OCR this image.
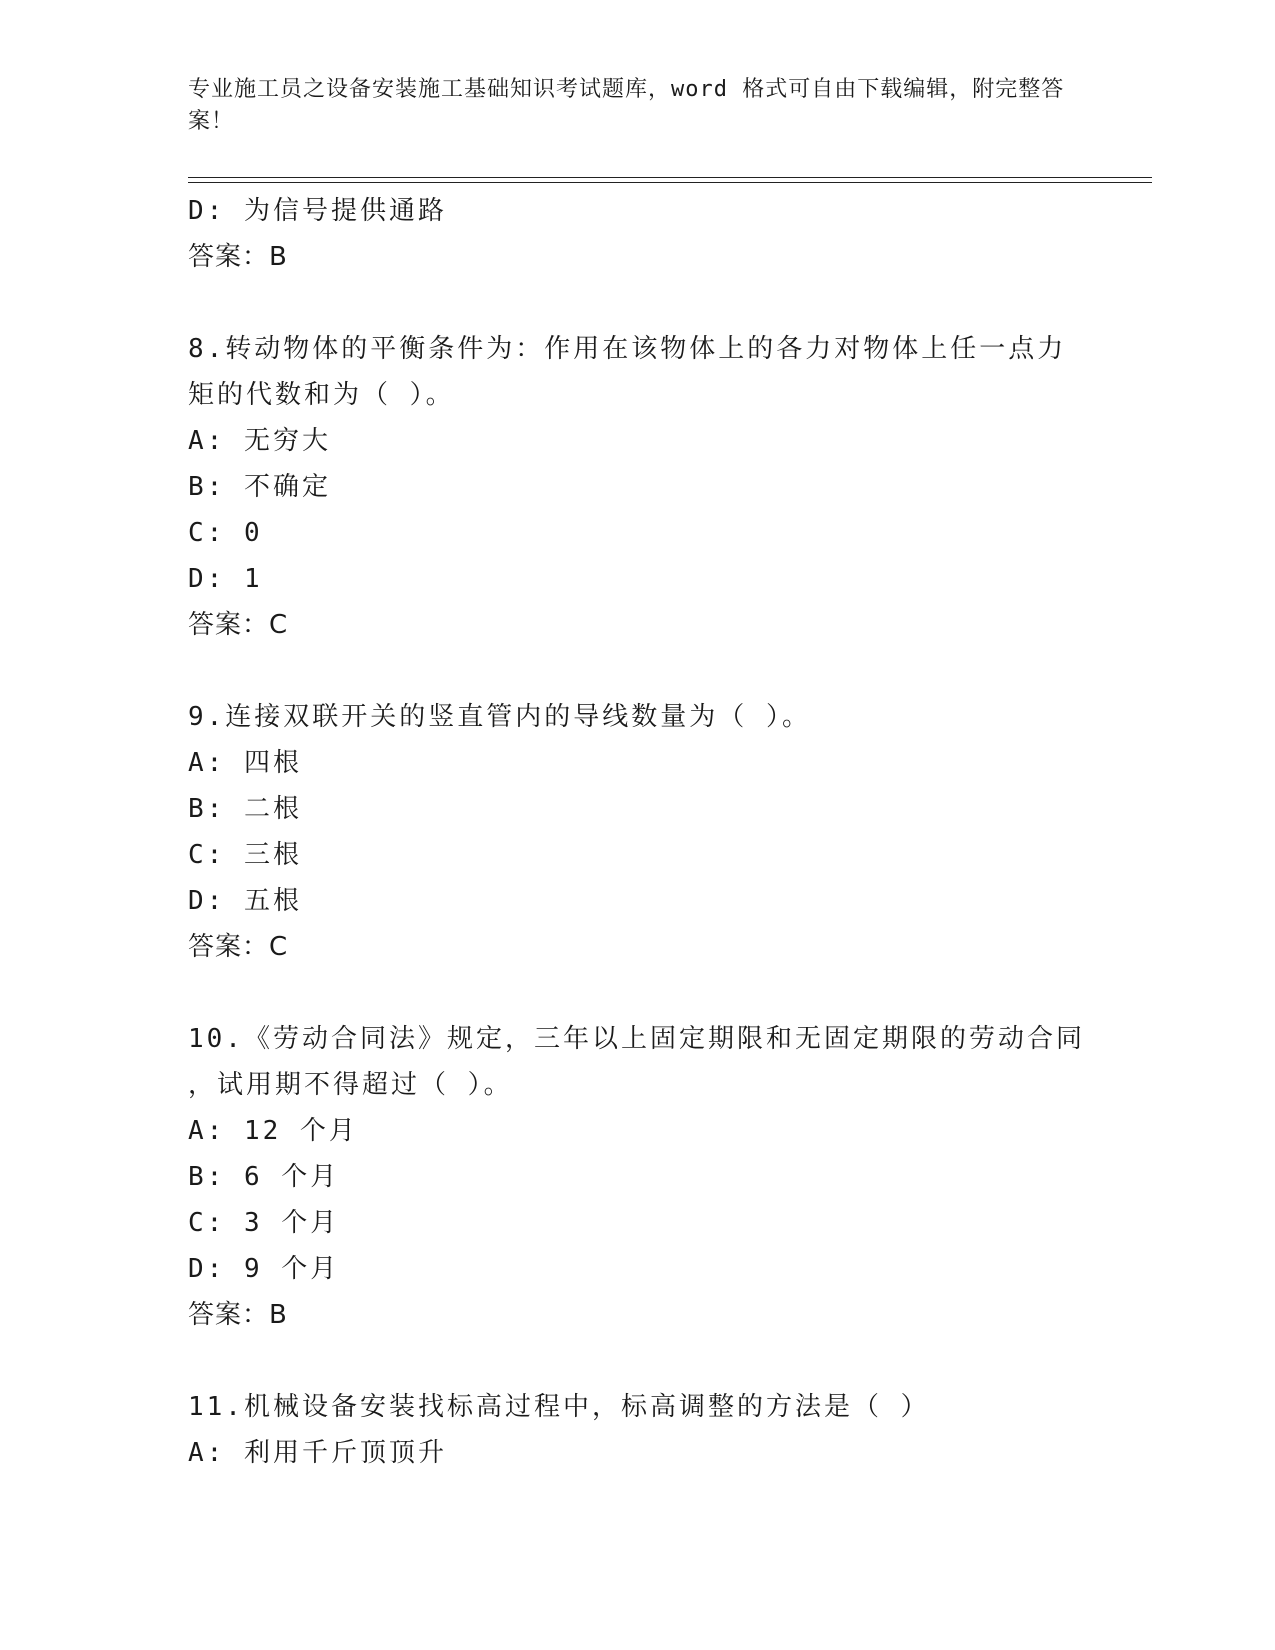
专业施工员之设备安装施工基础知识考试题库，word 格式可自由下载编辑，附完整答案！
D: 为信号提供通路
答案：B
8.转动物体的平衡条件为：作用在该物体上的各力对物体上任一点力
矩的代数和为（ ）。
A: 无穷大
B: 不确定
C: 0
D: 1
答案：C
9.连接双联开关的竖直管内的导线数量为（ ）。
A: 四根
B: 二根
C: 三根
D: 五根
答案：C
10.《劳动合同法》规定，三年以上固定期限和无固定期限的劳动合同
，试用期不得超过（ ）。
A: 12 个月
B: 6 个月
C: 3 个月
D: 9 个月
答案：B
11.机械设备安装找标高过程中，标高调整的方法是（ ）
A: 利用千斤顶顶升
